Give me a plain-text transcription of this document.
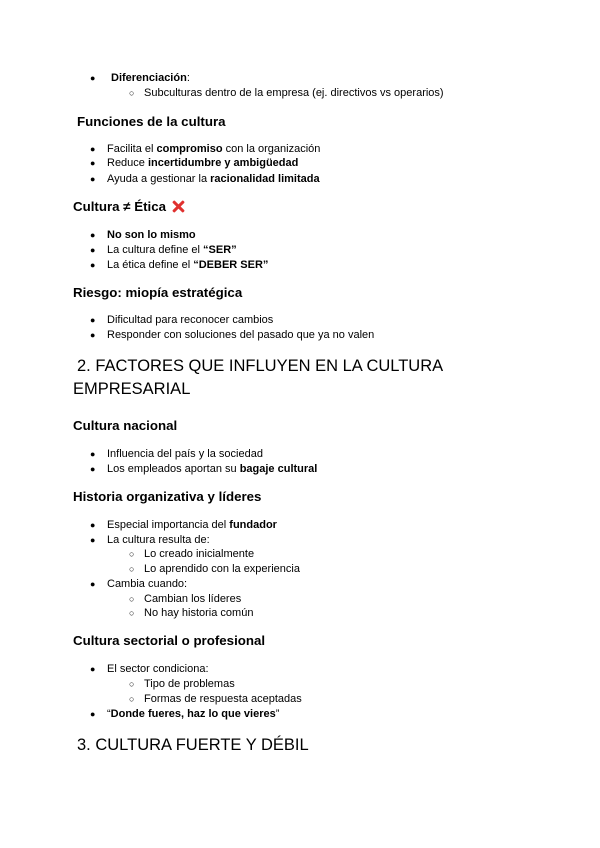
● Diferenciación:
○ Subculturas dentro de la empresa (ej. directivos vs operarios)
Funciones de la cultura
● Facilita el compromiso con la organización
● Reduce incertidumbre y ambigüedad
● Ayuda a gestionar la racionalidad limitada
Cultura ≠ Ética
● No son lo mismo
● La cultura define el “SER”
● La ética define el “DEBER SER”
Riesgo: miopía estratégica
● Dificultad para reconocer cambios
● Responder con soluciones del pasado que ya no valen
2. FACTORES QUE INFLUYEN EN LA CULTURA
EMPRESARIAL
Cultura nacional
● Influencia del país y la sociedad
● Los empleados aportan su bagaje cultural
Historia organizativa y líderes
● Especial importancia del fundador
● La cultura resulta de:
○ Lo creado inicialmente
○ Lo aprendido con la experiencia
● Cambia cuando:
○ Cambian los líderes
○ No hay historia común
Cultura sectorial o profesional
● El sector condiciona:
○ Tipo de problemas
○ Formas de respuesta aceptadas
● “Donde fueres, haz lo que vieres”
3. CULTURA FUERTE Y DÉBIL
